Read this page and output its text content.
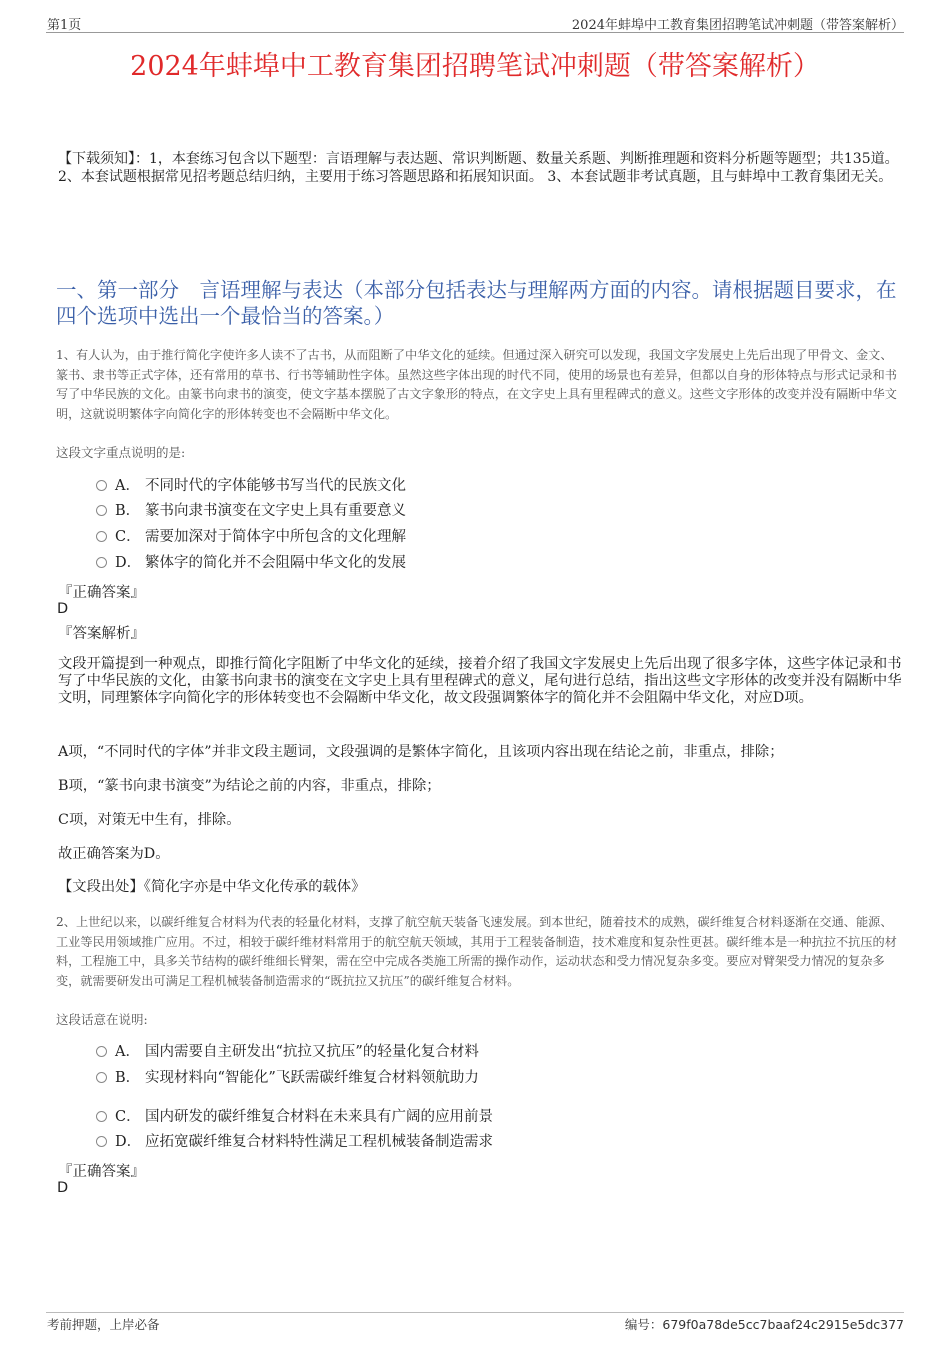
第1页	2024年蚌埠中工教育集团招聘笔试冲刺题（带答案解析）
2024年蚌埠中工教育集团招聘笔试冲刺题（带答案解析）
【下载须知】：1，本套练习包含以下题型：言语理解与表达题、常识判断题、数量关系题、判断推理题和资料分析题等题型；共135道。 2、本套试题根据常见招考题总结归纳，主要用于练习答题思路和拓展知识面。 3、本套试题非考试真题，且与蚌埠中工教育集团无关。
一、第一部分　言语理解与表达（本部分包括表达与理解两方面的内容。请根据题目要求，在四个选项中选出一个最恰当的答案。）
1、有人认为，由于推行简化字使许多人读不了古书，从而阻断了中华文化的延续。但通过深入研究可以发现，我国文字发展史上先后出现了甲骨文、金文、篆书、隶书等正式字体，还有常用的草书、行书等辅助性字体。虽然这些字体出现的时代不同，使用的场景也有差异，但都以自身的形体特点与形式记录和书写了中华民族的文化。由篆书向隶书的演变，使文字基本摆脱了古文字象形的特点，在文字史上具有里程碑式的意义。这些文字形体的改变并没有隔断中华文明，这就说明繁体字向简化字的形体转变也不会隔断中华文化。
这段文字重点说明的是:
A． 不同时代的字体能够书写当代的民族文化
B． 篆书向隶书演变在文字史上具有重要意义
C． 需要加深对于简体字中所包含的文化理解
D． 繁体字的简化并不会阻隔中华文化的发展
『正确答案』
D
『答案解析』
文段开篇提到一种观点，即推行简化字阻断了中华文化的延续，接着介绍了我国文字发展史上先后出现了很多字体，这些字体记录和书写了中华民族的文化，由篆书向隶书的演变在文字史上具有里程碑式的意义，尾句进行总结，指出这些文字形体的改变并没有隔断中华文明，同理繁体字向简化字的形体转变也不会隔断中华文化，故文段强调繁体字的简化并不会阻隔中华文化，对应D项。
A项，“不同时代的字体”并非文段主题词，文段强调的是繁体字简化，且该项内容出现在结论之前，非重点，排除；
B项，“篆书向隶书演变”为结论之前的内容，非重点，排除；
C项，对策无中生有，排除。
故正确答案为D。
【文段出处】《简化字亦是中华文化传承的载体》
2、上世纪以来，以碳纤维复合材料为代表的轻量化材料，支撑了航空航天装备飞速发展。到本世纪，随着技术的成熟，碳纤维复合材料逐渐在交通、能源、工业等民用领域推广应用。不过，相较于碳纤维材料常用于的航空航天领域，其用于工程装备制造，技术难度和复杂性更甚。碳纤维本是一种抗拉不抗压的材料，工程施工中，具多关节结构的碳纤维细长臂架，需在空中完成各类施工所需的操作动作，运动状态和受力情况复杂多变。要应对臂架受力情况的复杂多变，就需要研发出可满足工程机械装备制造需求的“既抗拉又抗压”的碳纤维复合材料。
这段话意在说明:
A． 国内需要自主研发出“抗拉又抗压”的轻量化复合材料
B． 实现材料向“智能化”飞跃需碳纤维复合材料领航助力
C． 国内研发的碳纤维复合材料在未来具有广阔的应用前景
D． 应拓宽碳纤维复合材料特性满足工程机械装备制造需求
『正确答案』
D
考前押题，上岸必备	编号：679f0a78de5cc7baaf24c2915e5dc377
